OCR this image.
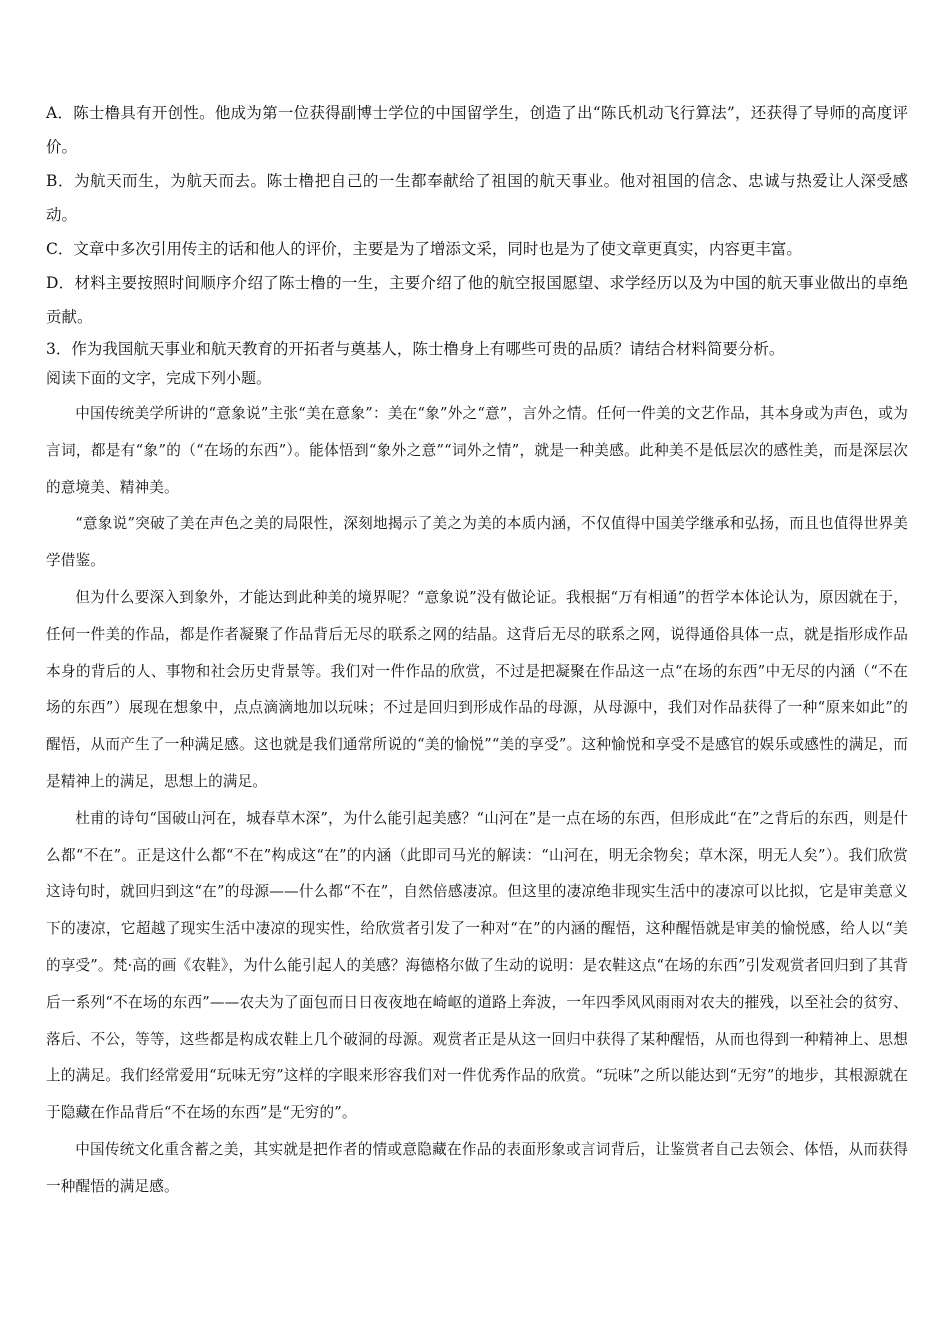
A．陈士橹具有开创性。他成为第一位获得副博士学位的中国留学生，创造了出“陈氏机动飞行算法”，还获得了导师的高度评价。

B．为航天而生，为航天而去。陈士橹把自己的一生都奉献给了祖国的航天事业。他对祖国的信念、忠诚与热爱让人深受感动。

C．文章中多次引用传主的话和他人的评价，主要是为了增添文采，同时也是为了使文章更真实，内容更丰富。

D．材料主要按照时间顺序介绍了陈士橹的一生，主要介绍了他的航空报国愿望、求学经历以及为中国的航天事业做出的卓绝贡献。

3．作为我国航天事业和航天教育的开拓者与奠基人，陈士橹身上有哪些可贵的品质？请结合材料简要分析。

阅读下面的文字，完成下列小题。

中国传统美学所讲的“意象说”主张“美在意象”：美在“象”外之“意”，言外之情。任何一件美的文艺作品，其本身或为声色，或为言词，都是有“象”的（“在场的东西”）。能体悟到“象外之意”“词外之情”，就是一种美感。此种美不是低层次的感性美，而是深层次的意境美、精神美。

“意象说”突破了美在声色之美的局限性，深刻地揭示了美之为美的本质内涵，不仅值得中国美学继承和弘扬，而且也值得世界美学借鉴。

但为什么要深入到象外，才能达到此种美的境界呢？“意象说”没有做论证。我根据“万有相通”的哲学本体论认为，原因就在于，任何一件美的作品，都是作者凝聚了作品背后无尽的联系之网的结晶。这背后无尽的联系之网，说得通俗具体一点，就是指形成作品本身的背后的人、事物和社会历史背景等。我们对一件作品的欣赏，不过是把凝聚在作品这一点“在场的东西”中无尽的内涵（“不在场的东西”）展现在想象中，点点滴滴地加以玩味；不过是回归到形成作品的母源，从母源中，我们对作品获得了一种“原来如此”的醒悟，从而产生了一种满足感。这也就是我们通常所说的“美的愉悦”“美的享受”。这种愉悦和享受不是感官的娱乐或感性的满足，而是精神上的满足，思想上的满足。

杜甫的诗句“国破山河在，城春草木深”，为什么能引起美感？“山河在”是一点在场的东西，但形成此“在”之背后的东西，则是什么都“不在”。正是这什么都“不在”构成这“在”的内涵（此即司马光的解读：“山河在，明无余物矣；草木深，明无人矣”）。我们欣赏这诗句时，就回归到这“在”的母源——什么都“不在”，自然倍感凄凉。但这里的凄凉绝非现实生活中的凄凉可以比拟，它是审美意义下的凄凉，它超越了现实生活中凄凉的现实性，给欣赏者引发了一种对“在”的内涵的醒悟，这种醒悟就是审美的愉悦感，给人以“美的享受”。梵·高的画《农鞋》，为什么能引起人的美感？海德格尔做了生动的说明：是农鞋这点“在场的东西”引发观赏者回归到了其背后一系列“不在场的东西”——农夫为了面包而日日夜夜地在崎岖的道路上奔波，一年四季风风雨雨对农夫的摧残，以至社会的贫穷、落后、不公，等等，这些都是构成农鞋上几个破洞的母源。观赏者正是从这一回归中获得了某种醒悟，从而也得到一种精神上、思想上的满足。我们经常爱用“玩味无穷”这样的字眼来形容我们对一件优秀作品的欣赏。“玩味”之所以能达到“无穷”的地步，其根源就在于隐藏在作品背后“不在场的东西”是“无穷的”。

中国传统文化重含蓄之美，其实就是把作者的情或意隐藏在作品的表面形象或言词背后，让鉴赏者自己去领会、体悟，从而获得一种醒悟的满足感。
